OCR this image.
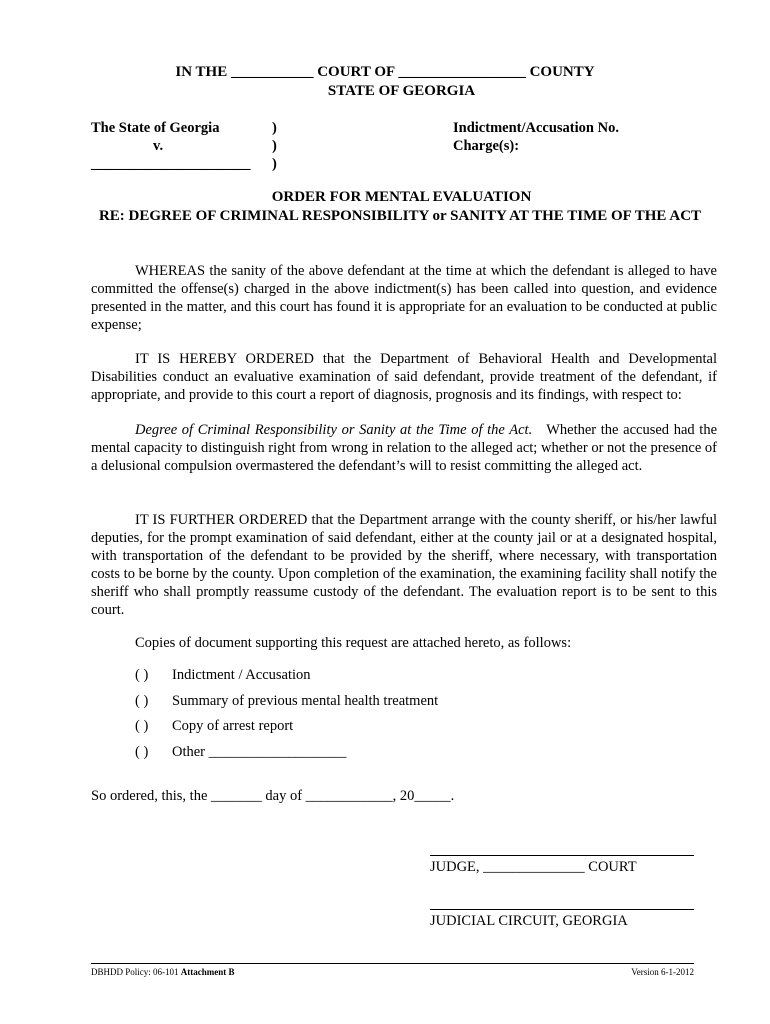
IN THE ___________ COURT OF _________________ COUNTY
STATE OF GEORGIA
The State of Georgia
v.
______________________
)
)
)
Indictment/Accusation No.
Charge(s):
ORDER FOR MENTAL EVALUATION
RE: DEGREE OF CRIMINAL RESPONSIBILITY or SANITY AT THE TIME OF THE ACT

WHEREAS the sanity of the above defendant at the time at which the defendant is alleged to have committed the offense(s) charged in the above indictment(s) has been called into question, and evidence presented in the matter, and this court has found it is appropriate for an evaluation to be conducted at public expense;

IT IS HEREBY ORDERED that the Department of Behavioral Health and Developmental Disabilities conduct an evaluative examination of said defendant, provide treatment of the defendant, if appropriate, and provide to this court a report of diagnosis, prognosis and its findings, with respect to:

Degree of Criminal Responsibility or Sanity at the Time of the Act. Whether the accused had the mental capacity to distinguish right from wrong in relation to the alleged act; whether or not the presence of a delusional compulsion overmastered the defendant’s will to resist committing the alleged act.

IT IS FURTHER ORDERED that the Department arrange with the county sheriff, or his/her lawful deputies, for the prompt examination of said defendant, either at the county jail or at a designated hospital, with transportation of the defendant to be provided by the sheriff, where necessary, with transportation costs to be borne by the county. Upon completion of the examination, the examining facility shall notify the sheriff who shall promptly reassume custody of the defendant. The evaluation report is to be sent to this court.

Copies of document supporting this request are attached hereto, as follows:

( ) Indictment / Accusation
( ) Summary of previous mental health treatment
( ) Copy of arrest report
( ) Other ___________________
So ordered, this, the _______ day of ____________, 20_____.
JUDGE, ______________ COURT
JUDICIAL CIRCUIT, GEORGIA
DBHDD Policy: 06-101 Attachment B	Version 6-1-2012
